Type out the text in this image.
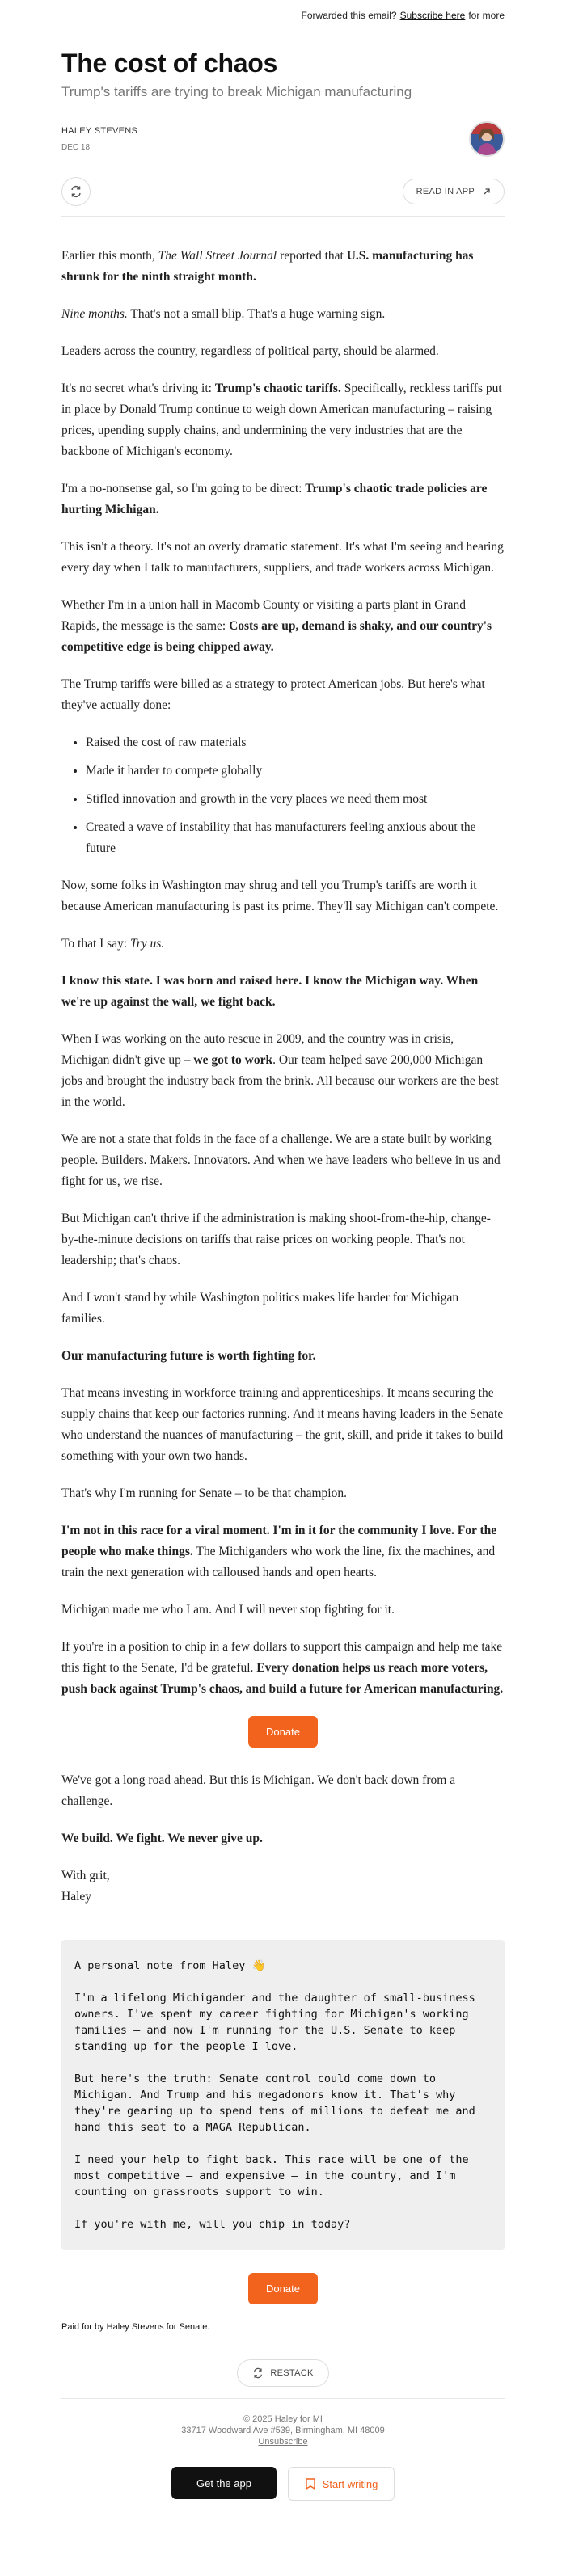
Forwarded this email? Subscribe here for more
The cost of chaos

Trump's tariffs are trying to break Michigan manufacturing

HALEY STEVENS
DEC 18
READ IN APP

Earlier this month, The Wall Street Journal reported that U.S. manufacturing has shrunk for the ninth straight month.

Nine months. That's not a small blip. That's a huge warning sign.

Leaders across the country, regardless of political party, should be alarmed.

It's no secret what's driving it: Trump's chaotic tariffs. Specifically, reckless tariffs put in place by Donald Trump continue to weigh down American manufacturing – raising prices, upending supply chains, and undermining the very industries that are the backbone of Michigan's economy.

I'm a no-nonsense gal, so I'm going to be direct: Trump's chaotic trade policies are hurting Michigan.

This isn't a theory. It's not an overly dramatic statement. It's what I'm seeing and hearing every day when I talk to manufacturers, suppliers, and trade workers across Michigan.

Whether I'm in a union hall in Macomb County or visiting a parts plant in Grand Rapids, the message is the same: Costs are up, demand is shaky, and our country's competitive edge is being chipped away.

The Trump tariffs were billed as a strategy to protect American jobs. But here's what they've actually done:

• Raised the cost of raw materials
• Made it harder to compete globally
• Stifled innovation and growth in the very places we need them most
• Created a wave of instability that has manufacturers feeling anxious about the future

Now, some folks in Washington may shrug and tell you Trump's tariffs are worth it because American manufacturing is past its prime. They'll say Michigan can't compete.

To that I say: Try us.

I know this state. I was born and raised here. I know the Michigan way. When we're up against the wall, we fight back.

When I was working on the auto rescue in 2009, and the country was in crisis, Michigan didn't give up – we got to work. Our team helped save 200,000 Michigan jobs and brought the industry back from the brink. All because our workers are the best in the world.

We are not a state that folds in the face of a challenge. We are a state built by working people. Builders. Makers. Innovators. And when we have leaders who believe in us and fight for us, we rise.

But Michigan can't thrive if the administration is making shoot-from-the-hip, change-by-the-minute decisions on tariffs that raise prices on working people. That's not leadership; that's chaos.

And I won't stand by while Washington politics makes life harder for Michigan families.

Our manufacturing future is worth fighting for.

That means investing in workforce training and apprenticeships. It means securing the supply chains that keep our factories running. And it means having leaders in the Senate who understand the nuances of manufacturing – the grit, skill, and pride it takes to build something with your own two hands.

That's why I'm running for Senate – to be that champion.

I'm not in this race for a viral moment. I'm in it for the community I love. For the people who make things. The Michiganders who work the line, fix the machines, and train the next generation with calloused hands and open hearts.

Michigan made me who I am. And I will never stop fighting for it.

If you're in a position to chip in a few dollars to support this campaign and help me take this fight to the Senate, I'd be grateful. Every donation helps us reach more voters, push back against Trump's chaos, and build a future for American manufacturing.

Donate

We've got a long road ahead. But this is Michigan. We don't back down from a challenge.

We build. We fight. We never give up.

With grit,
Haley

A personal note from Haley 👋

I'm a lifelong Michigander and the daughter of small-business owners. I've spent my career fighting for Michigan's working families – and now I'm running for the U.S. Senate to keep standing up for the people I love.

But here's the truth: Senate control could come down to Michigan. And Trump and his megadonors know it. That's why they're gearing up to spend tens of millions to defeat me and hand this seat to a MAGA Republican.

I need your help to fight back. This race will be one of the most competitive – and expensive – in the country, and I'm counting on grassroots support to win.

If you're with me, will you chip in today?

Donate

Paid for by Haley Stevens for Senate.

RESTACK
© 2025 Haley for MI
33717 Woodward Ave #539, Birmingham, MI 48009
Unsubscribe
Get the app	Start writing
